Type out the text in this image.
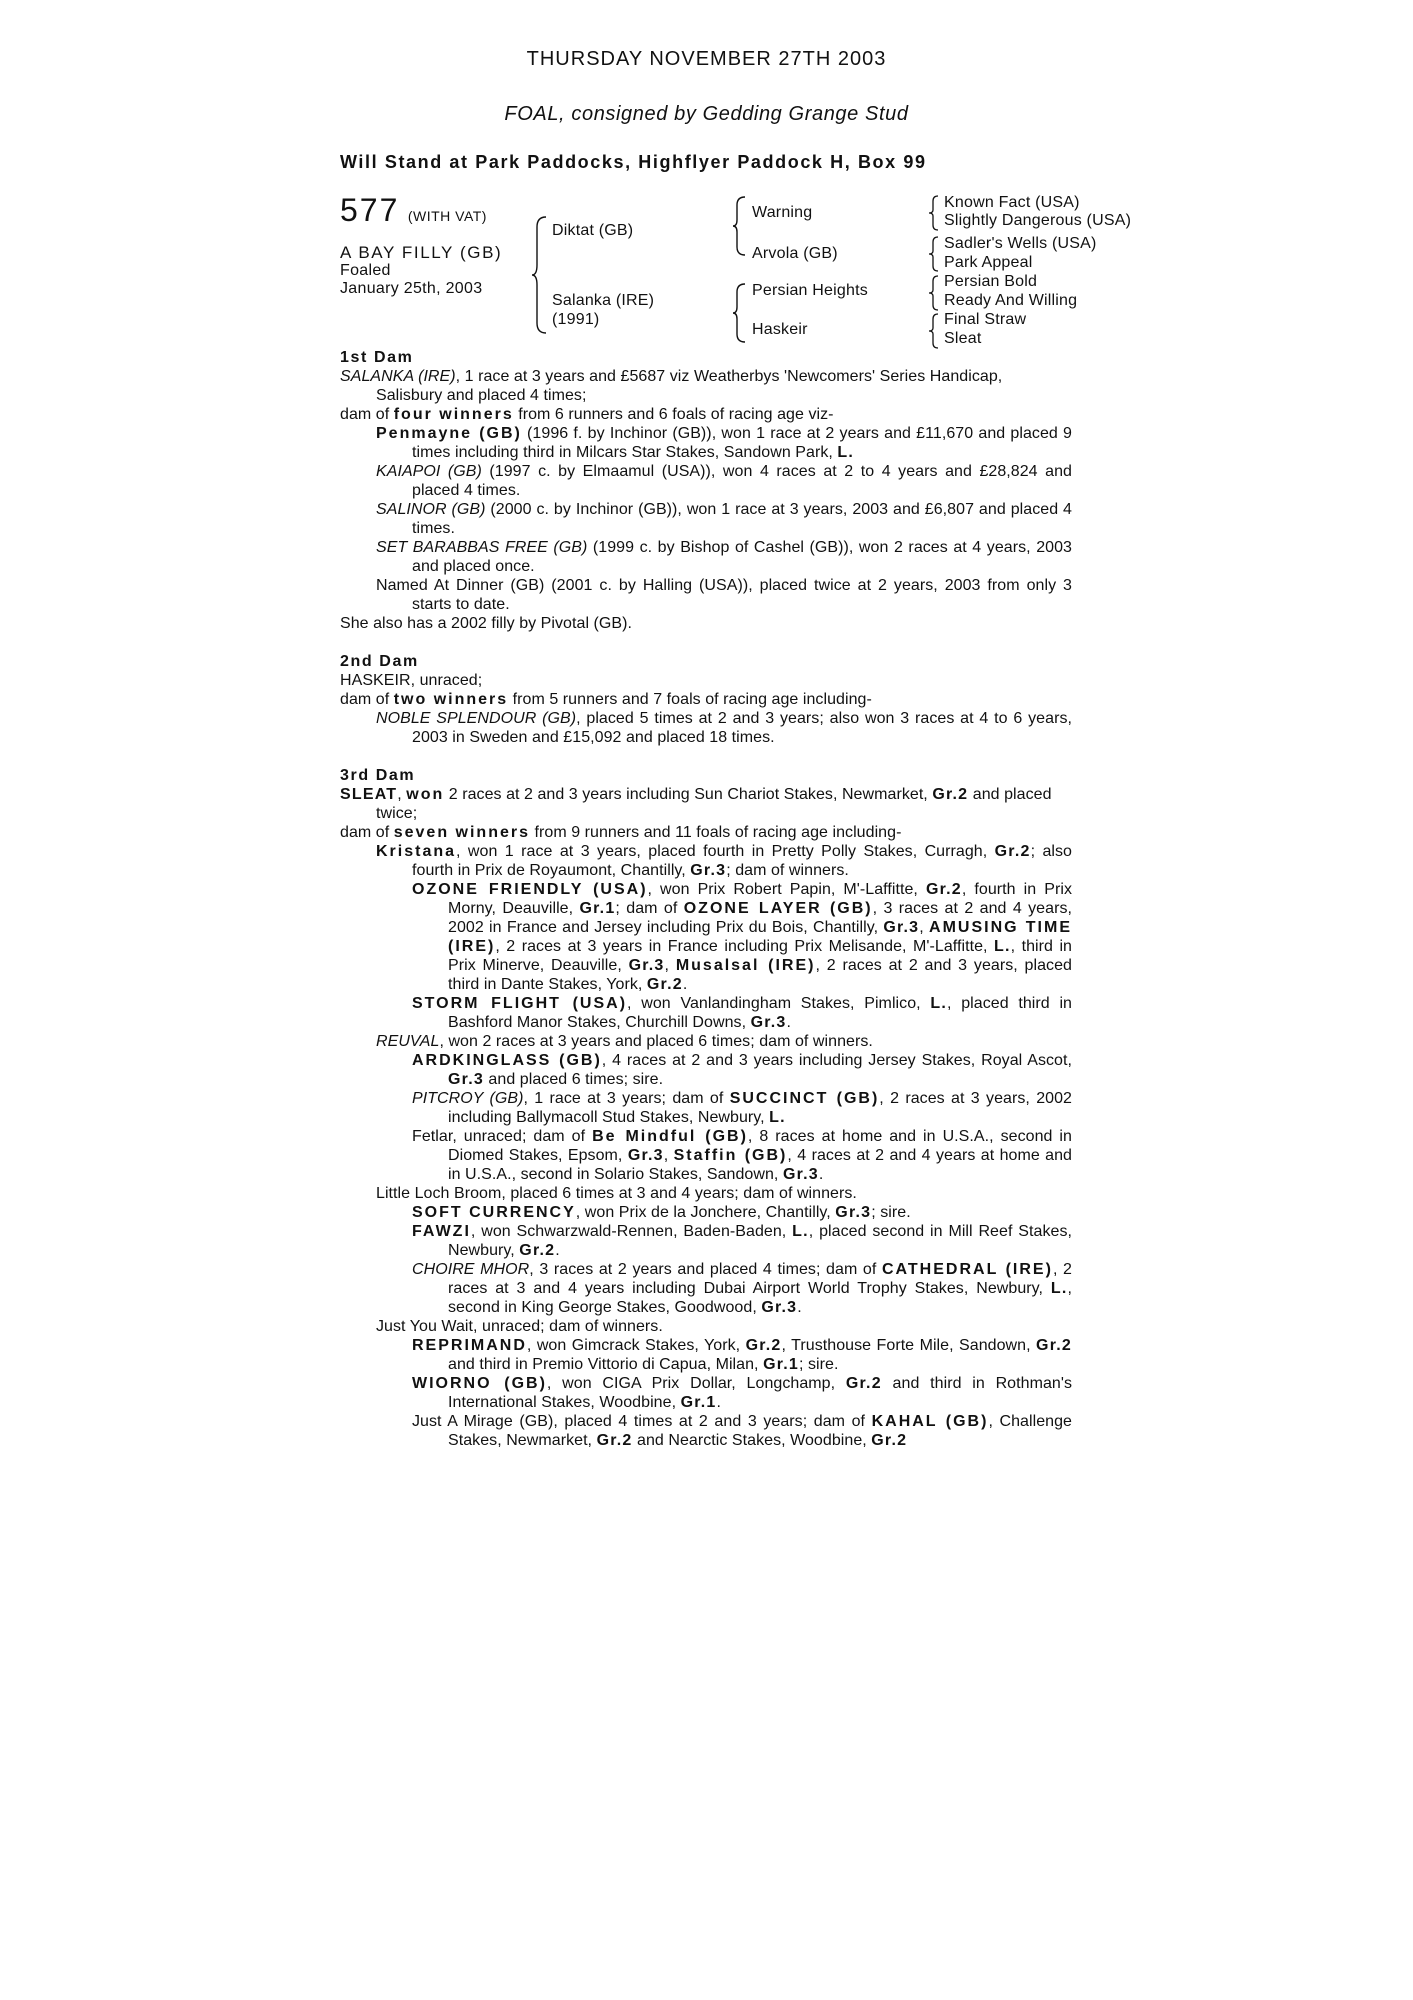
THURSDAY NOVEMBER 27TH 2003
FOAL, consigned by Gedding Grange Stud
Will Stand at Park Paddocks, Highflyer Paddock H, Box 99
577 (WITH VAT)
A BAY FILLY (GB)
Foaled
January 25th, 2003
Diktat (GB)
Salanka (IRE)
(1991)
Warning
Arvola (GB)
Persian Heights
Haskeir
Known Fact (USA)
Slightly Dangerous (USA)
Sadler's Wells (USA)
Park Appeal
Persian Bold
Ready And Willing
Final Straw
Sleat
1st Dam
SALANKA (IRE), 1 race at 3 years and £5687 viz Weatherbys 'Newcomers' Series Handicap, Salisbury and placed 4 times;
dam of four winners from 6 runners and 6 foals of racing age viz-
Penmayne (GB) (1996 f. by Inchinor (GB)), won 1 race at 2 years and £11,670 and placed 9 times including third in Milcars Star Stakes, Sandown Park, L.
KAIAPOI (GB) (1997 c. by Elmaamul (USA)), won 4 races at 2 to 4 years and £28,824 and placed 4 times.
SALINOR (GB) (2000 c. by Inchinor (GB)), won 1 race at 3 years, 2003 and £6,807 and placed 4 times.
SET BARABBAS FREE (GB) (1999 c. by Bishop of Cashel (GB)), won 2 races at 4 years, 2003 and placed once.
Named At Dinner (GB) (2001 c. by Halling (USA)), placed twice at 2 years, 2003 from only 3 starts to date.
She also has a 2002 filly by Pivotal (GB).
2nd Dam
HASKEIR, unraced;
dam of two winners from 5 runners and 7 foals of racing age including-
NOBLE SPLENDOUR (GB), placed 5 times at 2 and 3 years; also won 3 races at 4 to 6 years, 2003 in Sweden and £15,092 and placed 18 times.
3rd Dam
SLEAT, won 2 races at 2 and 3 years including Sun Chariot Stakes, Newmarket, Gr.2 and placed twice;
dam of seven winners from 9 runners and 11 foals of racing age including-
Kristana, won 1 race at 3 years, placed fourth in Pretty Polly Stakes, Curragh, Gr.2; also fourth in Prix de Royaumont, Chantilly, Gr.3; dam of winners.
OZONE FRIENDLY (USA), won Prix Robert Papin, M'-Laffitte, Gr.2, fourth in Prix Morny, Deauville, Gr.1; dam of OZONE LAYER (GB), 3 races at 2 and 4 years, 2002 in France and Jersey including Prix du Bois, Chantilly, Gr.3, AMUSING TIME (IRE), 2 races at 3 years in France including Prix Melisande, M'-Laffitte, L., third in Prix Minerve, Deauville, Gr.3, Musalsal (IRE), 2 races at 2 and 3 years, placed third in Dante Stakes, York, Gr.2.
STORM FLIGHT (USA), won Vanlandingham Stakes, Pimlico, L., placed third in Bashford Manor Stakes, Churchill Downs, Gr.3.
REUVAL, won 2 races at 3 years and placed 6 times; dam of winners.
ARDKINGLASS (GB), 4 races at 2 and 3 years including Jersey Stakes, Royal Ascot, Gr.3 and placed 6 times; sire.
PITCROY (GB), 1 race at 3 years; dam of SUCCINCT (GB), 2 races at 3 years, 2002 including Ballymacoll Stud Stakes, Newbury, L.
Fetlar, unraced; dam of Be Mindful (GB), 8 races at home and in U.S.A., second in Diomed Stakes, Epsom, Gr.3, Staffin (GB), 4 races at 2 and 4 years at home and in U.S.A., second in Solario Stakes, Sandown, Gr.3.
Little Loch Broom, placed 6 times at 3 and 4 years; dam of winners.
SOFT CURRENCY, won Prix de la Jonchere, Chantilly, Gr.3; sire.
FAWZI, won Schwarzwald-Rennen, Baden-Baden, L., placed second in Mill Reef Stakes, Newbury, Gr.2.
CHOIRE MHOR, 3 races at 2 years and placed 4 times; dam of CATHEDRAL (IRE), 2 races at 3 and 4 years including Dubai Airport World Trophy Stakes, Newbury, L., second in King George Stakes, Goodwood, Gr.3.
Just You Wait, unraced; dam of winners.
REPRIMAND, won Gimcrack Stakes, York, Gr.2, Trusthouse Forte Mile, Sandown, Gr.2 and third in Premio Vittorio di Capua, Milan, Gr.1; sire.
WIORNO (GB), won CIGA Prix Dollar, Longchamp, Gr.2 and third in Rothman's International Stakes, Woodbine, Gr.1.
Just A Mirage (GB), placed 4 times at 2 and 3 years; dam of KAHAL (GB), Challenge Stakes, Newmarket, Gr.2 and Nearctic Stakes, Woodbine, Gr.2
